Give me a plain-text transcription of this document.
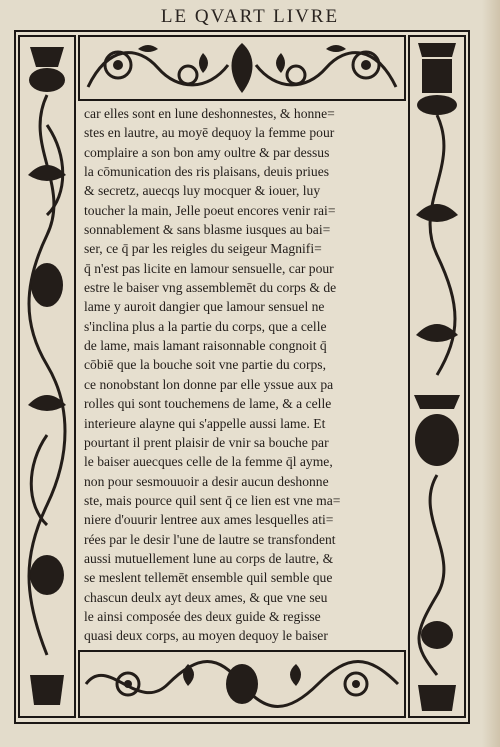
LE QVART LIVRE
car elles sont en lune deshonnestes, & honne=
stes en lautre, au moyē dequoy la femme pour
complaire a son bon amy oultre & par dessus
la cōmunication des ris plaisans, deuis priues
& secretz, auecqs luy mocquer & iouer, luy
toucher la main, Jelle poeut encores venir rai=
sonnablement & sans blasme iusques au bai=
ser, ce q̄ par les reigles du seigeur Magnifi=
q̄ n'est pas licite en lamour sensuelle, car pour
estre le baiser vng assemblemēt du corps & de
lame y auroit dangier que lamour sensuel ne
s'inclina plus a la partie du corps, que a celle
de lame, mais lamant raisonnable congnoit q̄
cōbiē que la bouche soit vne partie du corps,
ce nonobstant lon donne par elle yssue aux pa
rolles qui sont touchemens de lame, & a celle
interieure alayne qui s'appelle aussi lame. Et
pourtant il prent plaisir de vnir sa bouche par
le baiser auecques celle de la femme q̄l ayme,
non pour sesmouuoir a desir aucun deshonne
ste, mais pource quil sent q̄ ce lien est vne ma=
niere d'ouurir lentree aux ames lesquelles ati=
rées par le desir l'une de lautre se transfondent
aussi mutuellement lune au corps de lautre, &
se meslent tellemēt ensemble quil semble que
chascun deulx ayt deux ames, & que vne seu
le ainsi composée des deux guide & regisse
quasi deux corps, au moyen dequoy le baiser
